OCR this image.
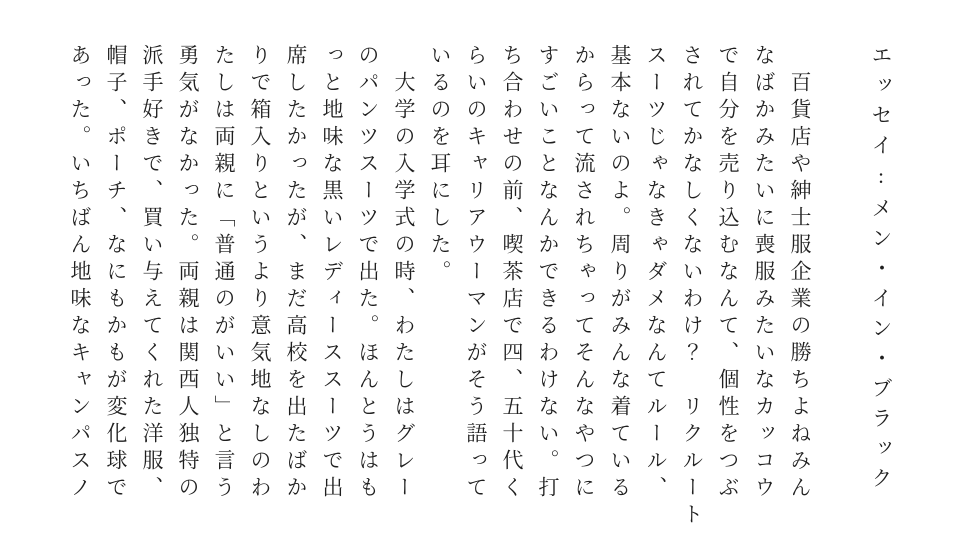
エッセイ:メン・イン・ブラック
　百貨店や紳士服企業の勝ちよねみん
なばかみたいに喪服みたいなカッコウ
で自分を売り込むなんて、個性をつぶ
されてかなしくないわけ？　リクルート
スーツじゃなきゃダメなんてルール、
基本ないのよ。周りがみんな着ている
からって流されちゃってそんなやつに
すごいことなんかできるわけない。打
ち合わせの前、喫茶店で四、五十代く
らいのキャリアウーマンがそう語って
いるのを耳にした。
　大学の入学式の時、わたしはグレー
のパンツスーツで出た。ほんとうはも
っと地味な黒いレディーススーツで出
席したかったが、まだ高校を出たばか
りで箱入りというより意気地なしのわ
たしは両親に「普通のがいい」と言う
勇気がなかった。両親は関西人独特の
派手好きで、買い与えてくれた洋服、
帽子、ポーチ、なにもかもが変化球で
あった。いちばん地味なキャンパスノ
